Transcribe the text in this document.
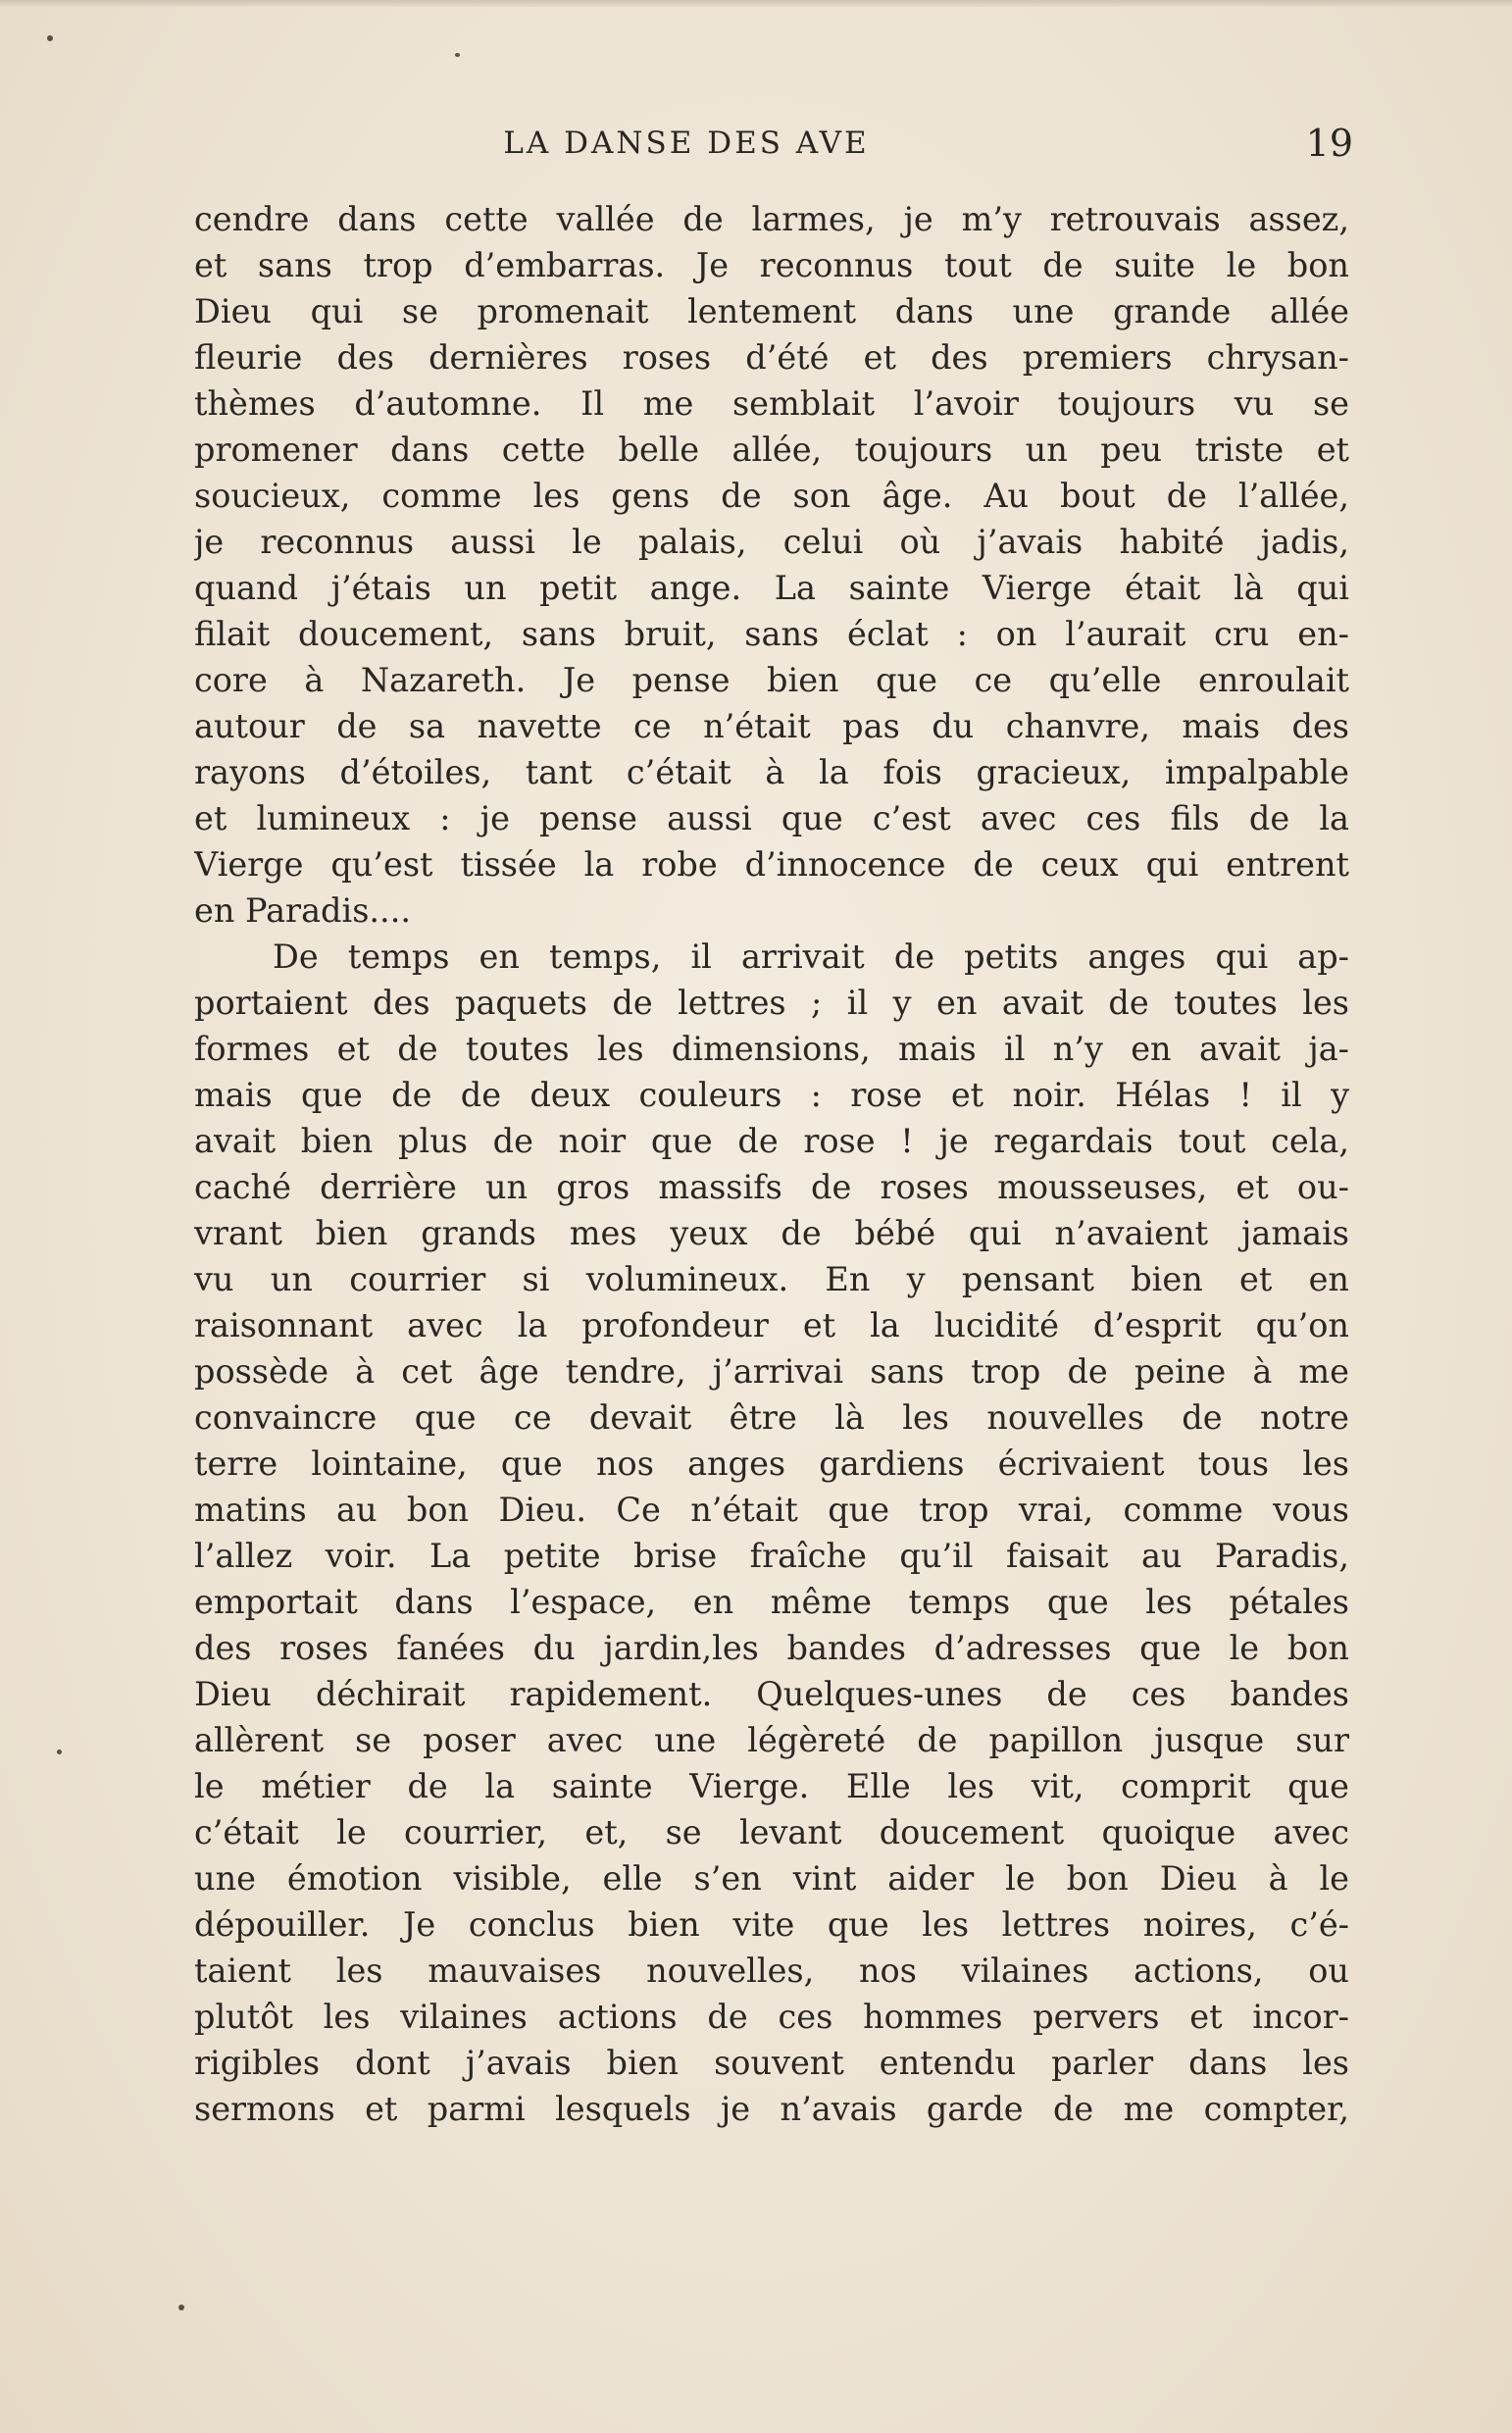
LA DANSE DES AVE	19
cendre dans cette vallée de larmes, je m’y retrouvais assez,
et sans trop d’embarras. Je reconnus tout de suite le bon
Dieu qui se promenait lentement dans une grande allée
fleurie des dernières roses d’été et des premiers chrysan-
thèmes d’automne. Il me semblait l’avoir toujours vu se
promener dans cette belle allée, toujours un peu triste et
soucieux, comme les gens de son âge. Au bout de l’allée,
je reconnus aussi le palais, celui où j’avais habité jadis,
quand j’étais un petit ange. La sainte Vierge était là qui
filait doucement, sans bruit, sans éclat : on l’aurait cru en-
core à Nazareth. Je pense bien que ce qu’elle enroulait
autour de sa navette ce n’était pas du chanvre, mais des
rayons d’étoiles, tant c’était à la fois gracieux, impalpable
et lumineux : je pense aussi que c’est avec ces fils de la
Vierge qu’est tissée la robe d’innocence de ceux qui entrent
en Paradis....
De temps en temps, il arrivait de petits anges qui ap-
portaient des paquets de lettres ; il y en avait de toutes les
formes et de toutes les dimensions, mais il n’y en avait ja-
mais que de de deux couleurs : rose et noir. Hélas ! il y
avait bien plus de noir que de rose ! je regardais tout cela,
caché derrière un gros massifs de roses mousseuses, et ou-
vrant bien grands mes yeux de bébé qui n’avaient jamais
vu un courrier si volumineux. En y pensant bien et en
raisonnant avec la profondeur et la lucidité d’esprit qu’on
possède à cet âge tendre, j’arrivai sans trop de peine à me
convaincre que ce devait être là les nouvelles de notre
terre lointaine, que nos anges gardiens écrivaient tous les
matins au bon Dieu. Ce n’était que trop vrai, comme vous
l’allez voir. La petite brise fraîche qu’il faisait au Paradis,
emportait dans l’espace, en même temps que les pétales
des roses fanées du jardin,les bandes d’adresses que le bon
Dieu déchirait rapidement. Quelques-unes de ces bandes
allèrent se poser avec une légèreté de papillon jusque sur
le métier de la sainte Vierge. Elle les vit, comprit que
c’était le courrier, et, se levant doucement quoique avec
une émotion visible, elle s’en vint aider le bon Dieu à le
dépouiller. Je conclus bien vite que les lettres noires, c’é-
taient les mauvaises nouvelles, nos vilaines actions, ou
plutôt les vilaines actions de ces hommes pervers et incor-
rigibles dont j’avais bien souvent entendu parler dans les
sermons et parmi lesquels je n’avais garde de me compter,
